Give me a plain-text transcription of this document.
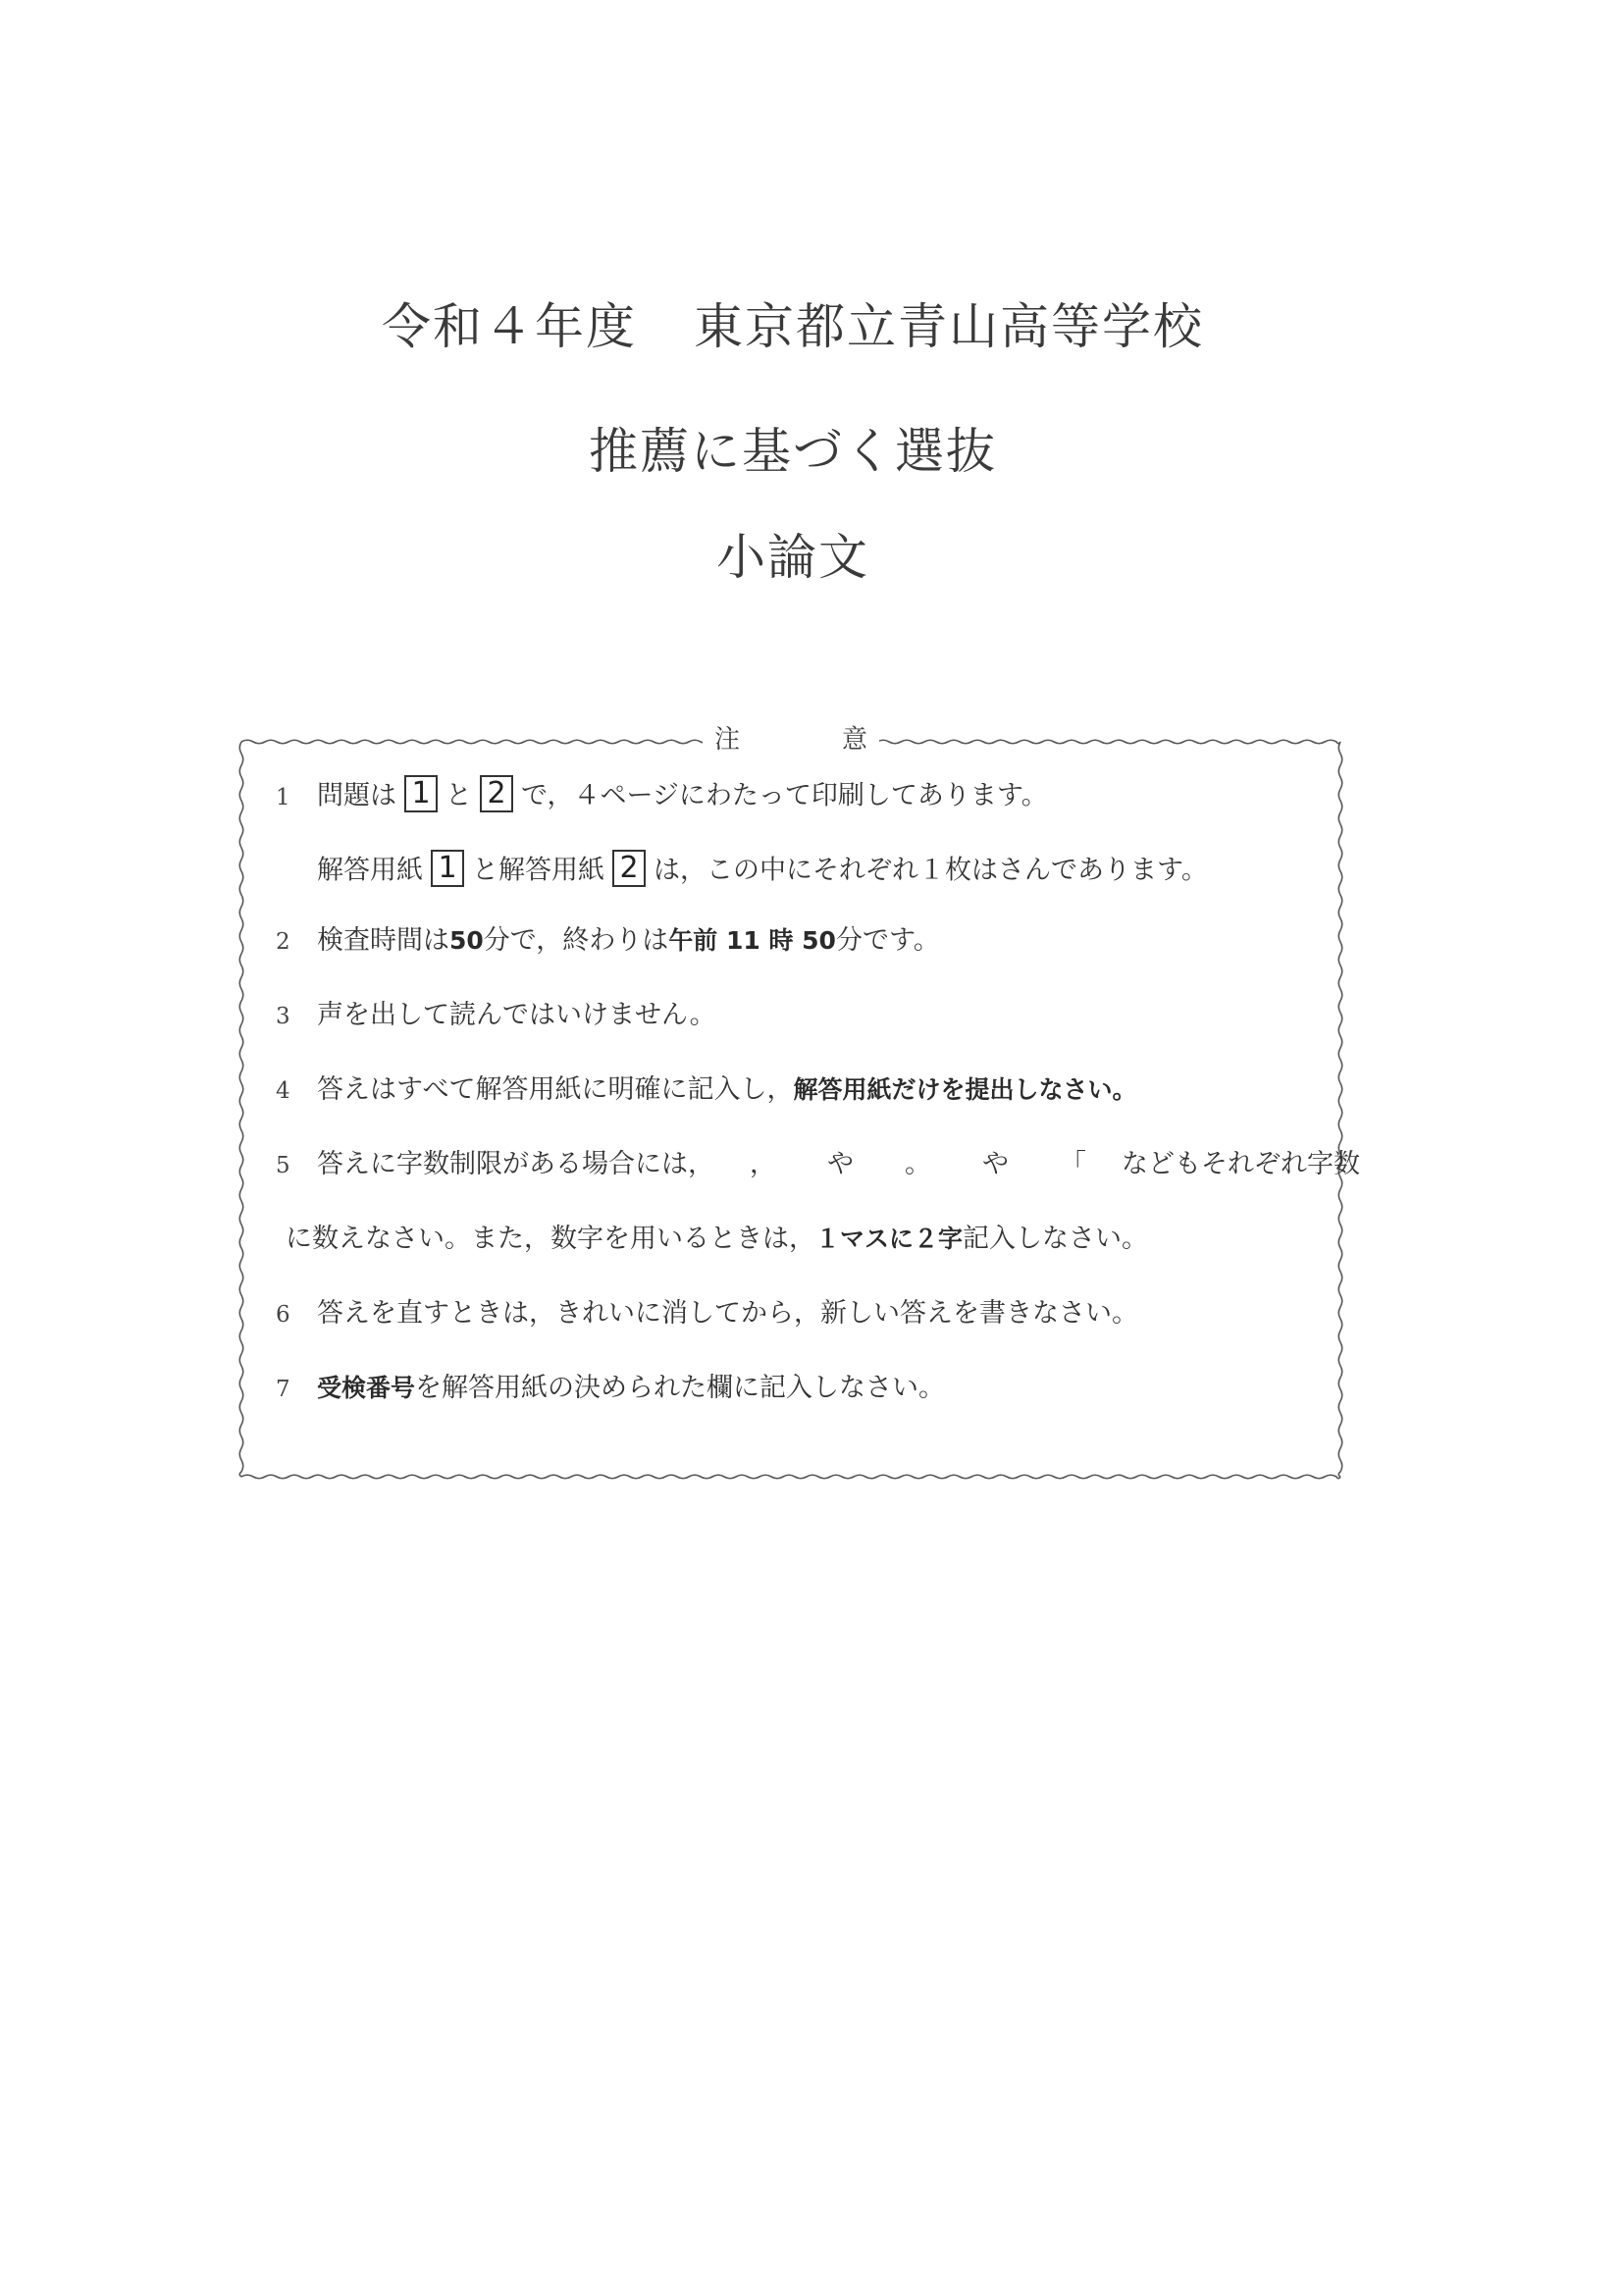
令和４年度 東京都立青山高等学校
推薦に基づく選抜
小論文
注	意
1 問題は 1 と 2 で，４ページにわたって印刷してあります。
解答用紙 1 と解答用紙 2 は，この中にそれぞれ１枚はさんであります。
2 検査時間は50分で，終わりは午前 11 時 50分です。
3 声を出して読んではいけません。
4 答えはすべて解答用紙に明確に記入し，解答用紙だけを提出しなさい。
5 答えに字数制限がある場合には， ， や 。 や 「 などもそれぞれ字数
に数えなさい。また，数字を用いるときは，１マスに２字記入しなさい。
6 答えを直すときは，きれいに消してから，新しい答えを書きなさい。
7 受検番号を解答用紙の決められた欄に記入しなさい。
